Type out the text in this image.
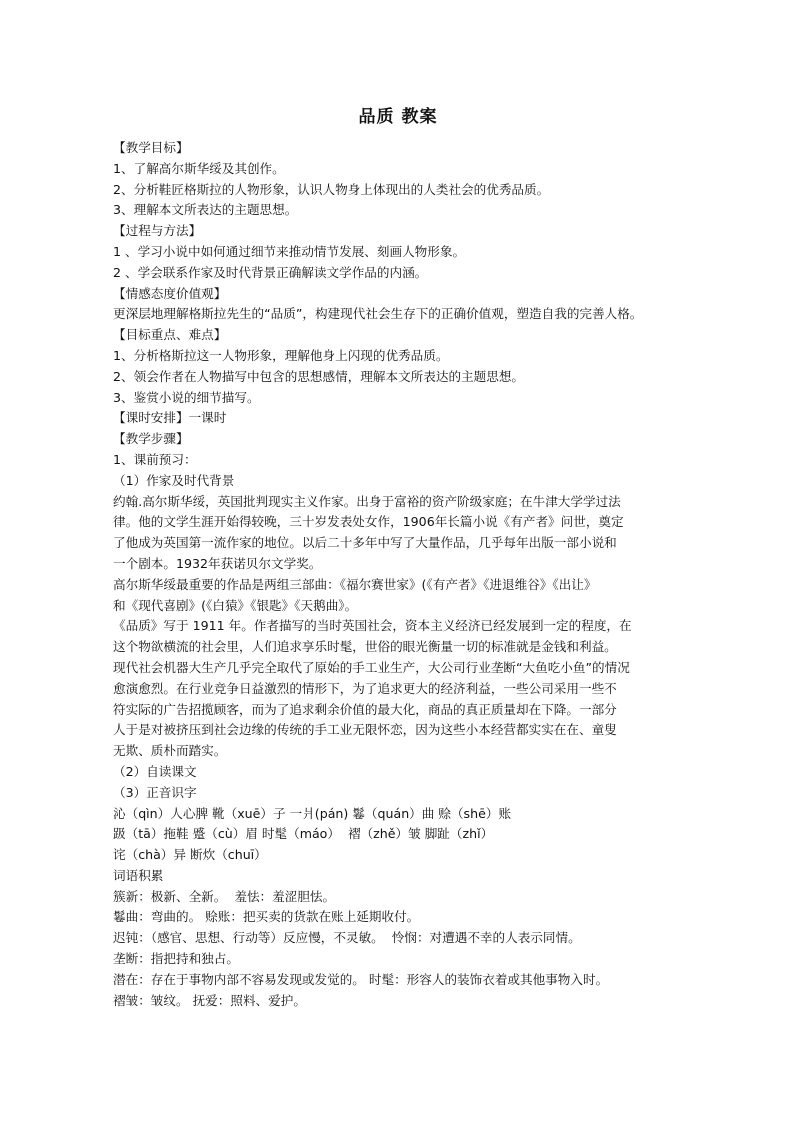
品质 教案

【教学目标】

1、了解高尔斯华绥及其创作。

2、分析鞋匠格斯拉的人物形象，认识人物身上体现出的人类社会的优秀品质。

3、理解本文所表达的主题思想。

【过程与方法】

1 、学习小说中如何通过细节来推动情节发展、刻画人物形象。

2 、学会联系作家及时代背景正确解读文学作品的内涵。

【情感态度价值观】

更深层地理解格斯拉先生的“品质”，构建现代社会生存下的正确价值观，塑造自我的完善人格。

【目标重点、难点】

1、分析格斯拉这一人物形象，理解他身上闪现的优秀品质。

2、领会作者在人物描写中包含的思想感情，理解本文所表达的主题思想。

3、鉴赏小说的细节描写。

【课时安排】一课时

【教学步骤】

1、课前预习：

（1）作家及时代背景

约翰.高尔斯华绥，英国批判现实主义作家。出身于富裕的资产阶级家庭；在牛津大学学过法

律。他的文学生涯开始得较晚，三十岁发表处女作，1906年长篇小说《有产者》问世，奠定

了他成为英国第一流作家的地位。以后二十多年中写了大量作品，几乎每年出版一部小说和

一个剧本。1932年获诺贝尔文学奖。

高尔斯华绥最重要的作品是两组三部曲：《福尔赛世家》(《有产者》《进退维谷》《出让》

和《现代喜剧》(《白猿》《银匙》《天鹅曲》。

《品质》写于 1911 年。作者描写的当时英国社会，资本主义经济已经发展到一定的程度，在

这个物欲横流的社会里，人们追求享乐时髦，世俗的眼光衡量一切的标准就是金钱和利益。

现代社会机器大生产几乎完全取代了原始的手工业生产，大公司行业垄断“大鱼吃小鱼”的情况

愈演愈烈。在行业竞争日益激烈的情形下，为了追求更大的经济利益，一些公司采用一些不

符实际的广告招揽顾客，而为了追求剩余价值的最大化，商品的真正质量却在下降。一部分

人于是对被挤压到社会边缘的传统的手工业无限怀恋，因为这些小本经营都实实在在、童叟

无欺、质朴而踏实。

（2）自读课文

（3）正音识字

沁（qìn）人心脾 靴（xuē）子 一爿(pán) 鬈（quán）曲 赊（shē）账

趿（tā）拖鞋 蹙（cù）眉 时髦（máo）  褶（zhě）皱 脚趾（zhǐ）

诧（chà）异 断炊（chuī）

词语积累

簇新：极新、全新。  羞怯：羞涩胆怯。

鬈曲：弯曲的。 赊账：把买卖的货款在账上延期收付。

迟钝：（感官、思想、行动等）反应慢，不灵敏。  怜悯：对遭遇不幸的人表示同情。

垄断：指把持和独占。

潜在：存在于事物内部不容易发现或发觉的。 时髦：形容人的装饰衣着或其他事物入时。

褶皱：皱纹。 抚爱：照料、爱护。
